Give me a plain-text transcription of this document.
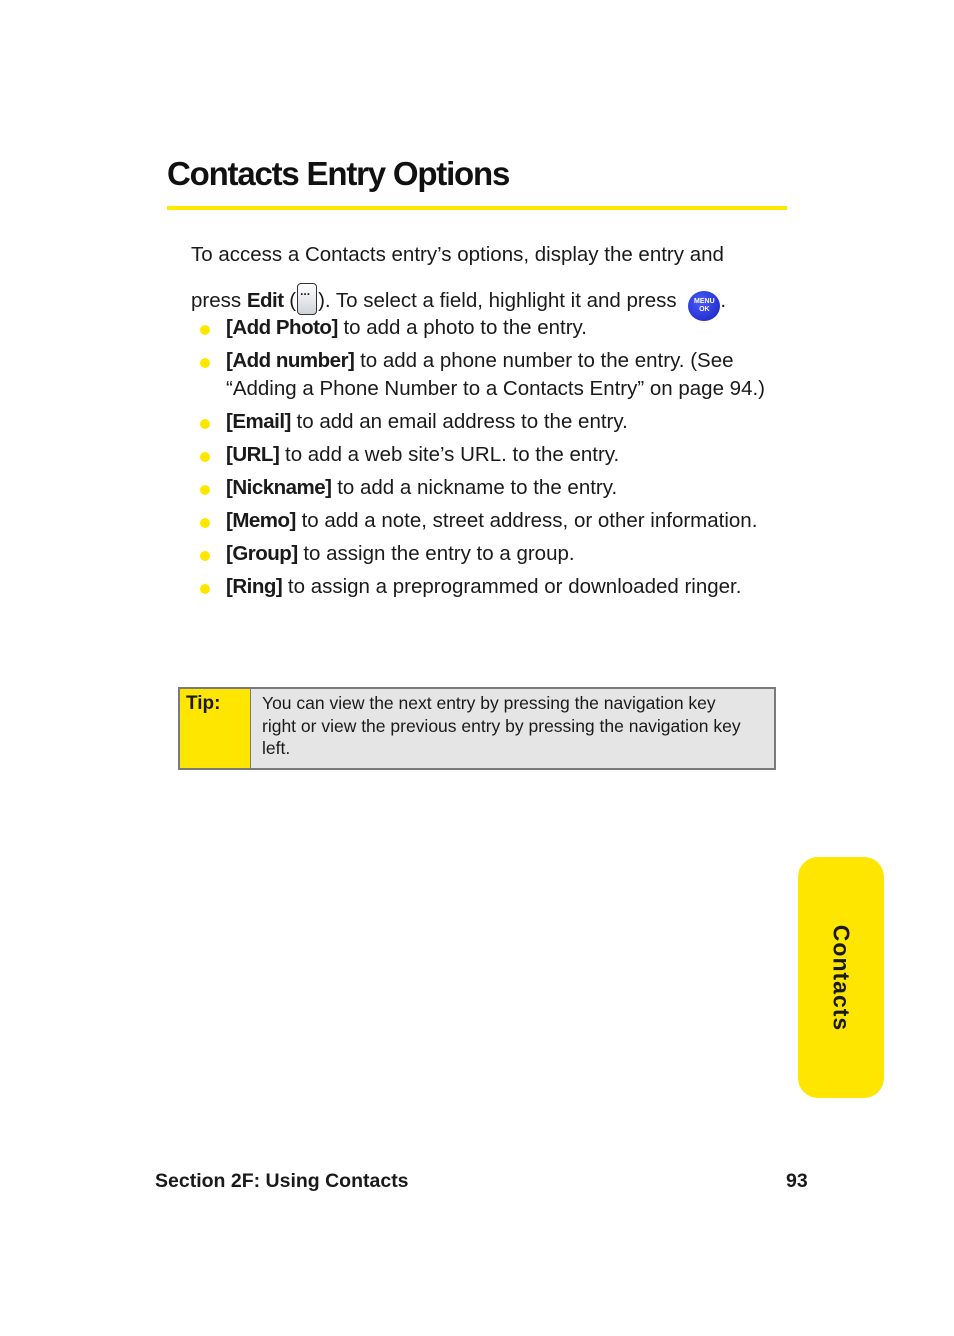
Contacts Entry Options

To access a Contacts entry’s options, display the entry and
press Edit (... ). To select a field, highlight it and press MENU
OK .

[Add Photo] to add a photo to the entry.
[Add number] to add a phone number to the entry. (See “Adding a Phone Number to a Contacts Entry” on page 94.)
[Email] to add an email address to the entry.
[URL] to add a web site’s URL. to the entry.
[Nickname] to add a nickname to the entry.
[Memo] to add a note, street address, or other information.
[Group] to assign the entry to a group.
[Ring] to assign a preprogrammed or downloaded ringer.
Tip:	You can view the next entry by pressing the navigation key right or view the previous entry by pressing the navigation key left.
Contacts
Section 2F: Using Contacts	93
